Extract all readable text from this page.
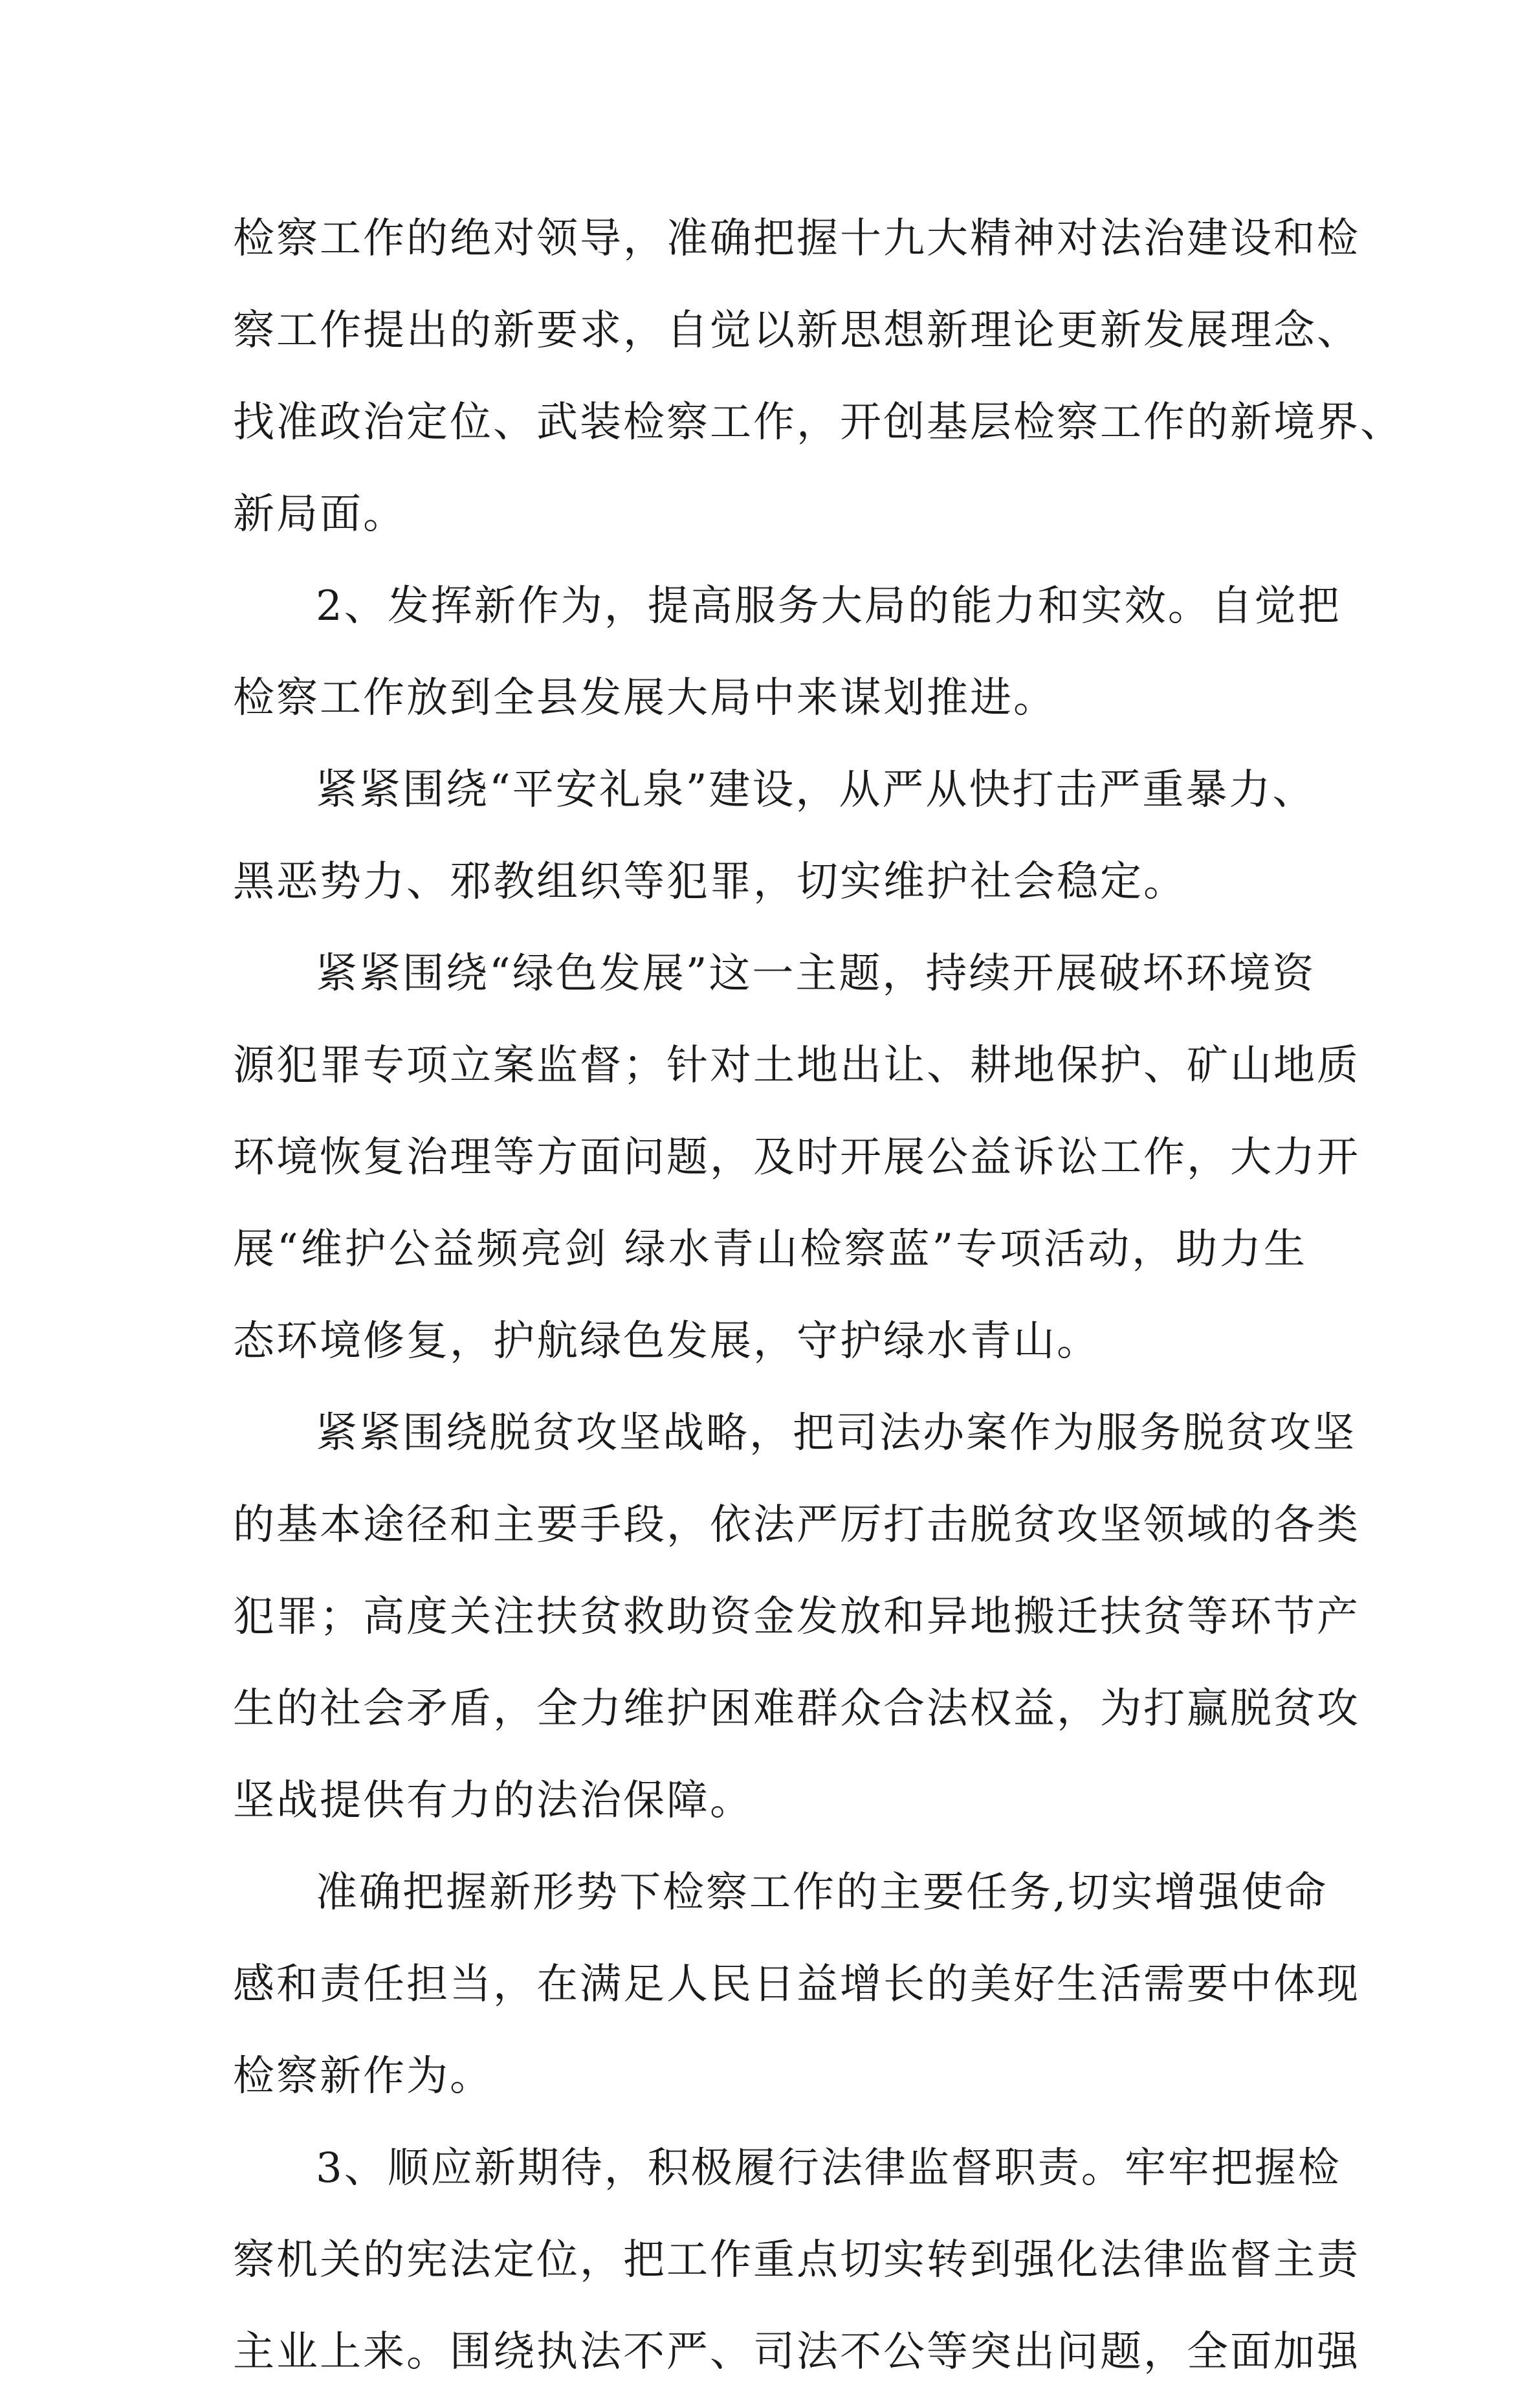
检察工作的绝对领导，准确把握十九大精神对法治建设和检
察工作提出的新要求，自觉以新思想新理论更新发展理念、
找准政治定位、武装检察工作，开创基层检察工作的新境界、
新局面。
2、发挥新作为，提高服务大局的能力和实效。自觉把
检察工作放到全县发展大局中来谋划推进。
紧紧围绕“平安礼泉”建设，从严从快打击严重暴力、
黑恶势力、邪教组织等犯罪，切实维护社会稳定。
紧紧围绕“绿色发展”这一主题，持续开展破坏环境资
源犯罪专项立案监督；针对土地出让、耕地保护、矿山地质
环境恢复治理等方面问题，及时开展公益诉讼工作，大力开
展“维护公益频亮剑 绿水青山检察蓝”专项活动，助力生
态环境修复，护航绿色发展，守护绿水青山。
紧紧围绕脱贫攻坚战略，把司法办案作为服务脱贫攻坚
的基本途径和主要手段，依法严厉打击脱贫攻坚领域的各类
犯罪；高度关注扶贫救助资金发放和异地搬迁扶贫等环节产
生的社会矛盾，全力维护困难群众合法权益，为打赢脱贫攻
坚战提供有力的法治保障。
准确把握新形势下检察工作的主要任务,切实增强使命
感和责任担当，在满足人民日益增长的美好生活需要中体现
检察新作为。
3、顺应新期待，积极履行法律监督职责。牢牢把握检
察机关的宪法定位，把工作重点切实转到强化法律监督主责
主业上来。围绕执法不严、司法不公等突出问题，全面加强
